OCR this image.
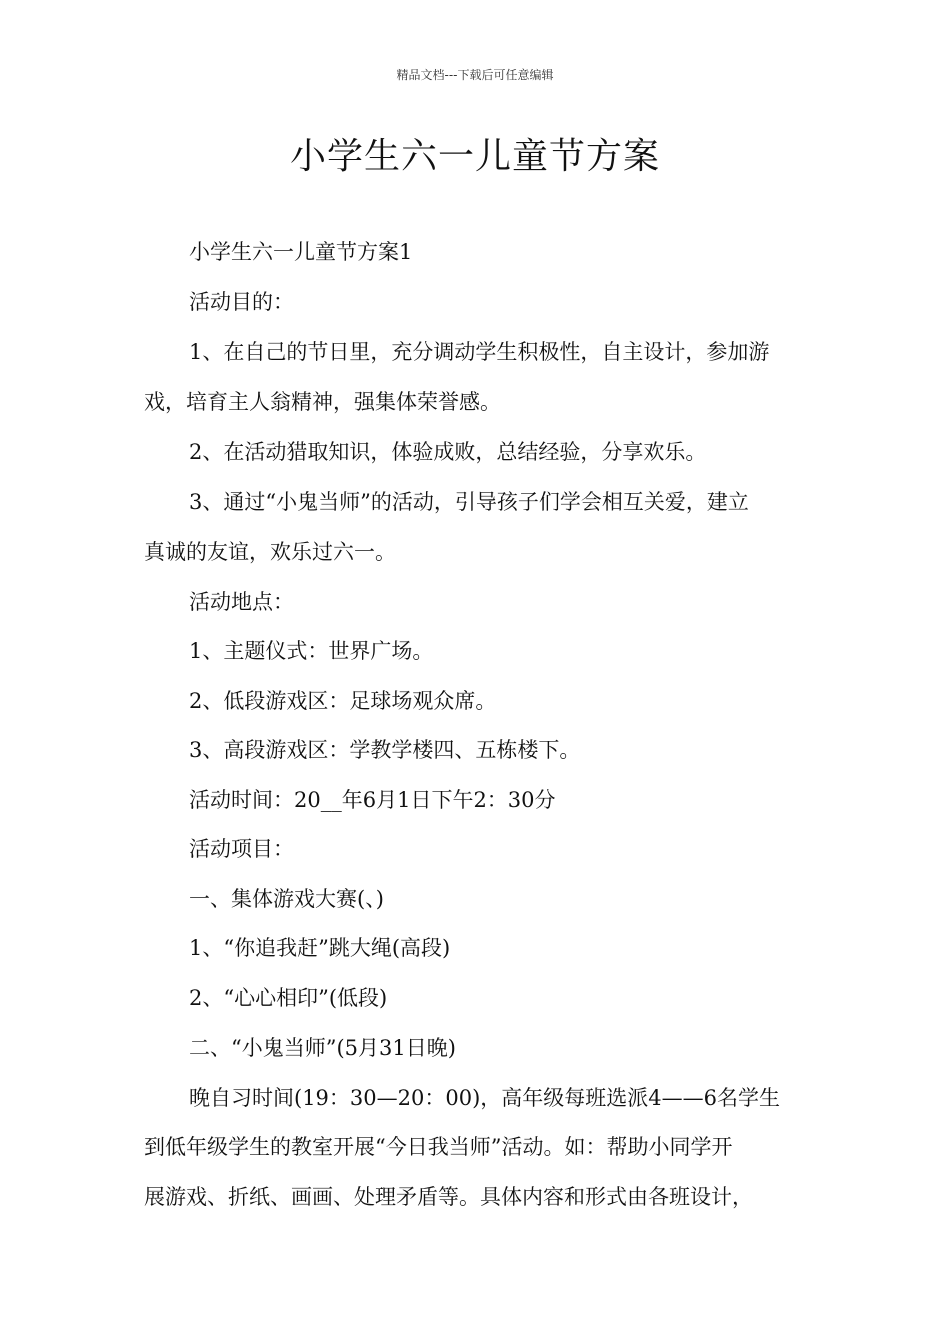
精品文档---下载后可任意编辑
小学生六一儿童节方案
小学生六一儿童节方案1
活动目的：
1、在自己的节日里，充分调动学生积极性，自主设计，参加游
戏，培育主人翁精神，强集体荣誉感。
2、在活动猎取知识，体验成败，总结经验，分享欢乐。
3、通过“小鬼当师”的活动，引导孩子们学会相互关爱，建立
真诚的友谊，欢乐过六一。
活动地点：
1、主题仪式：世界广场。
2、低段游戏区：足球场观众席。
3、高段游戏区：学教学楼四、五栋楼下。
活动时间：20__年6月1日下午2：30分
活动项目：
一、集体游戏大赛(、)
1、“你追我赶”跳大绳(高段)
2、“心心相印”(低段)
二、“小鬼当师”(5月31日晚)
晚自习时间(19：30—20：00)，高年级每班选派4——6名学生
到低年级学生的教室开展“今日我当师”活动。如：帮助小同学开
展游戏、折纸、画画、处理矛盾等。具体内容和形式由各班设计，
